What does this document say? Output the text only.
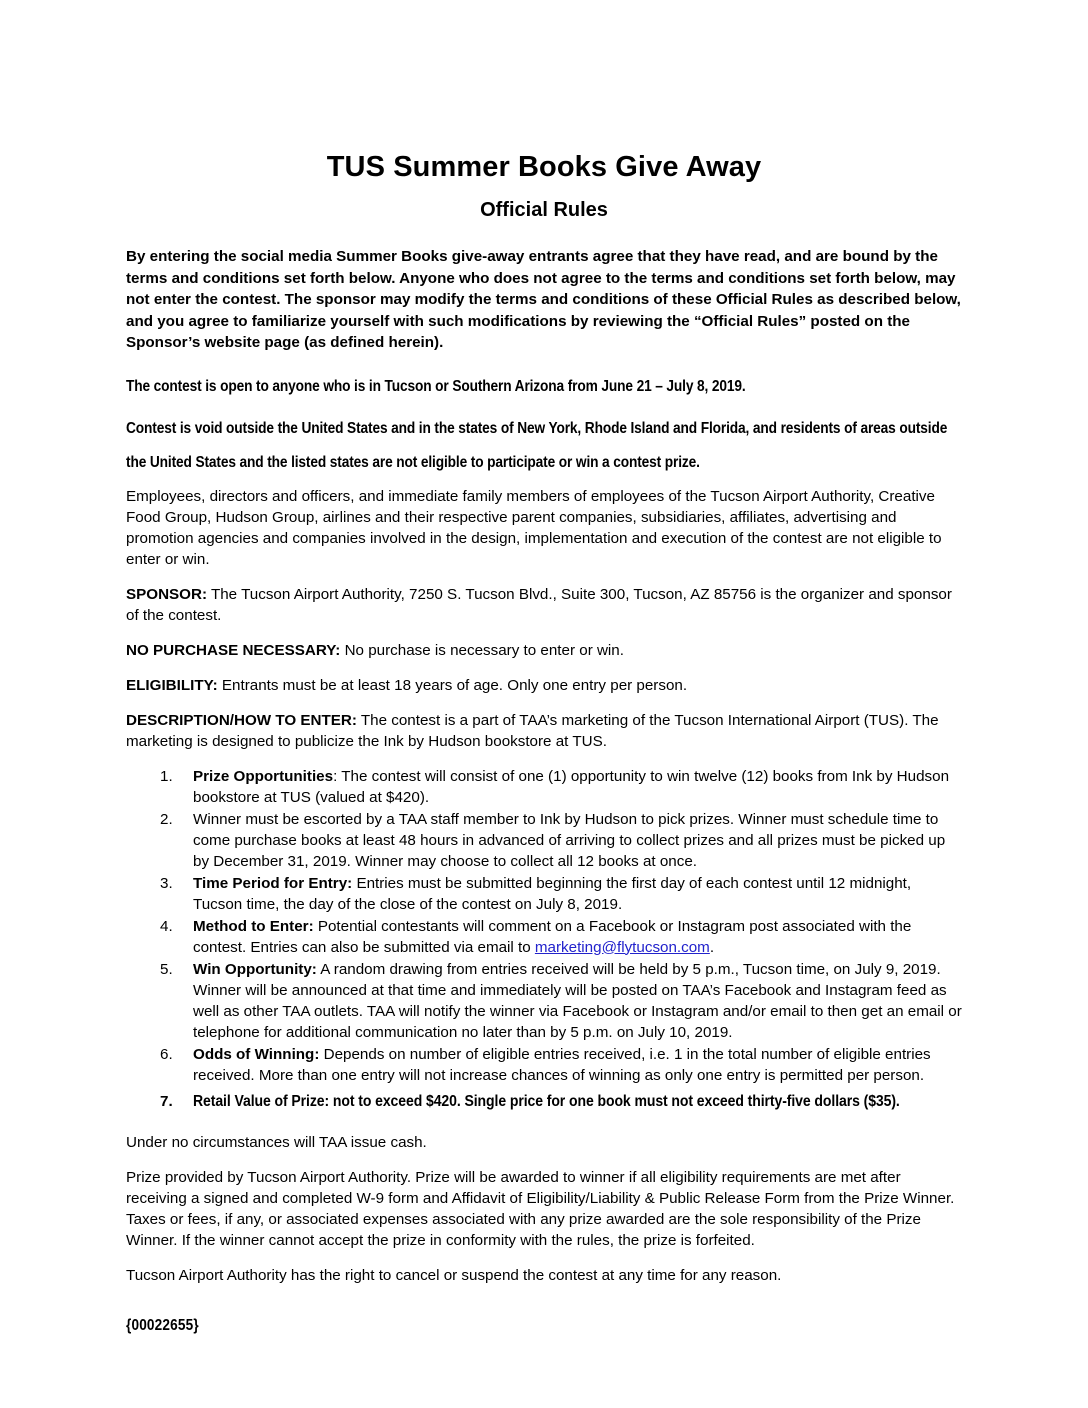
TUS Summer Books Give Away
Official Rules

By entering the social media Summer Books give-away entrants agree that they have read, and are bound by the terms and conditions set forth below. Anyone who does not agree to the terms and conditions set forth below, may not enter the contest. The sponsor may modify the terms and conditions of these Official Rules as described below, and you agree to familiarize yourself with such modifications by reviewing the “Official Rules” posted on the Sponsor’s website page (as defined herein).

The contest is open to anyone who is in Tucson or Southern Arizona from June 21 – July 8, 2019.

Contest is void outside the United States and in the states of New York, Rhode Island and Florida, and residents of areas outside the United States and the listed states are not eligible to participate or win a contest prize.

Employees, directors and officers, and immediate family members of employees of the Tucson Airport Authority, Creative Food Group, Hudson Group, airlines and their respective parent companies, subsidiaries, affiliates, advertising and promotion agencies and companies involved in the design, implementation and execution of the contest are not eligible to enter or win.

SPONSOR: The Tucson Airport Authority, 7250 S. Tucson Blvd., Suite 300, Tucson, AZ 85756 is the organizer and sponsor of the contest.

NO PURCHASE NECESSARY: No purchase is necessary to enter or win.

ELIGIBILITY: Entrants must be at least 18 years of age. Only one entry per person.

DESCRIPTION/HOW TO ENTER: The contest is a part of TAA’s marketing of the Tucson International Airport (TUS). The marketing is designed to publicize the Ink by Hudson bookstore at TUS.

Prize Opportunities: The contest will consist of one (1) opportunity to win twelve (12) books from Ink by Hudson bookstore at TUS (valued at $420).
Winner must be escorted by a TAA staff member to Ink by Hudson to pick prizes. Winner must schedule time to come purchase books at least 48 hours in advanced of arriving to collect prizes and all prizes must be picked up by December 31, 2019. Winner may choose to collect all 12 books at once.
Time Period for Entry: Entries must be submitted beginning the first day of each contest until 12 midnight, Tucson time, the day of the close of the contest on July 8, 2019.
Method to Enter: Potential contestants will comment on a Facebook or Instagram post associated with the contest. Entries can also be submitted via email to marketing@flytucson.com.
Win Opportunity: A random drawing from entries received will be held by 5 p.m., Tucson time, on July 9, 2019. Winner will be announced at that time and immediately will be posted on TAA’s Facebook and Instagram feed as well as other TAA outlets. TAA will notify the winner via Facebook or Instagram and/or email to then get an email or telephone for additional communication no later than by 5 p.m. on July 10, 2019.
Odds of Winning: Depends on number of eligible entries received, i.e. 1 in the total number of eligible entries received. More than one entry will not increase chances of winning as only one entry is permitted per person.
Retail Value of Prize: not to exceed $420. Single price for one book must not exceed thirty-five dollars ($35).

Under no circumstances will TAA issue cash.

Prize provided by Tucson Airport Authority. Prize will be awarded to winner if all eligibility requirements are met after receiving a signed and completed W-9 form and Affidavit of Eligibility/Liability & Public Release Form from the Prize Winner. Taxes or fees, if any, or associated expenses associated with any prize awarded are the sole responsibility of the Prize Winner. If the winner cannot accept the prize in conformity with the rules, the prize is forfeited.

Tucson Airport Authority has the right to cancel or suspend the contest at any time for any reason.

{00022655}
